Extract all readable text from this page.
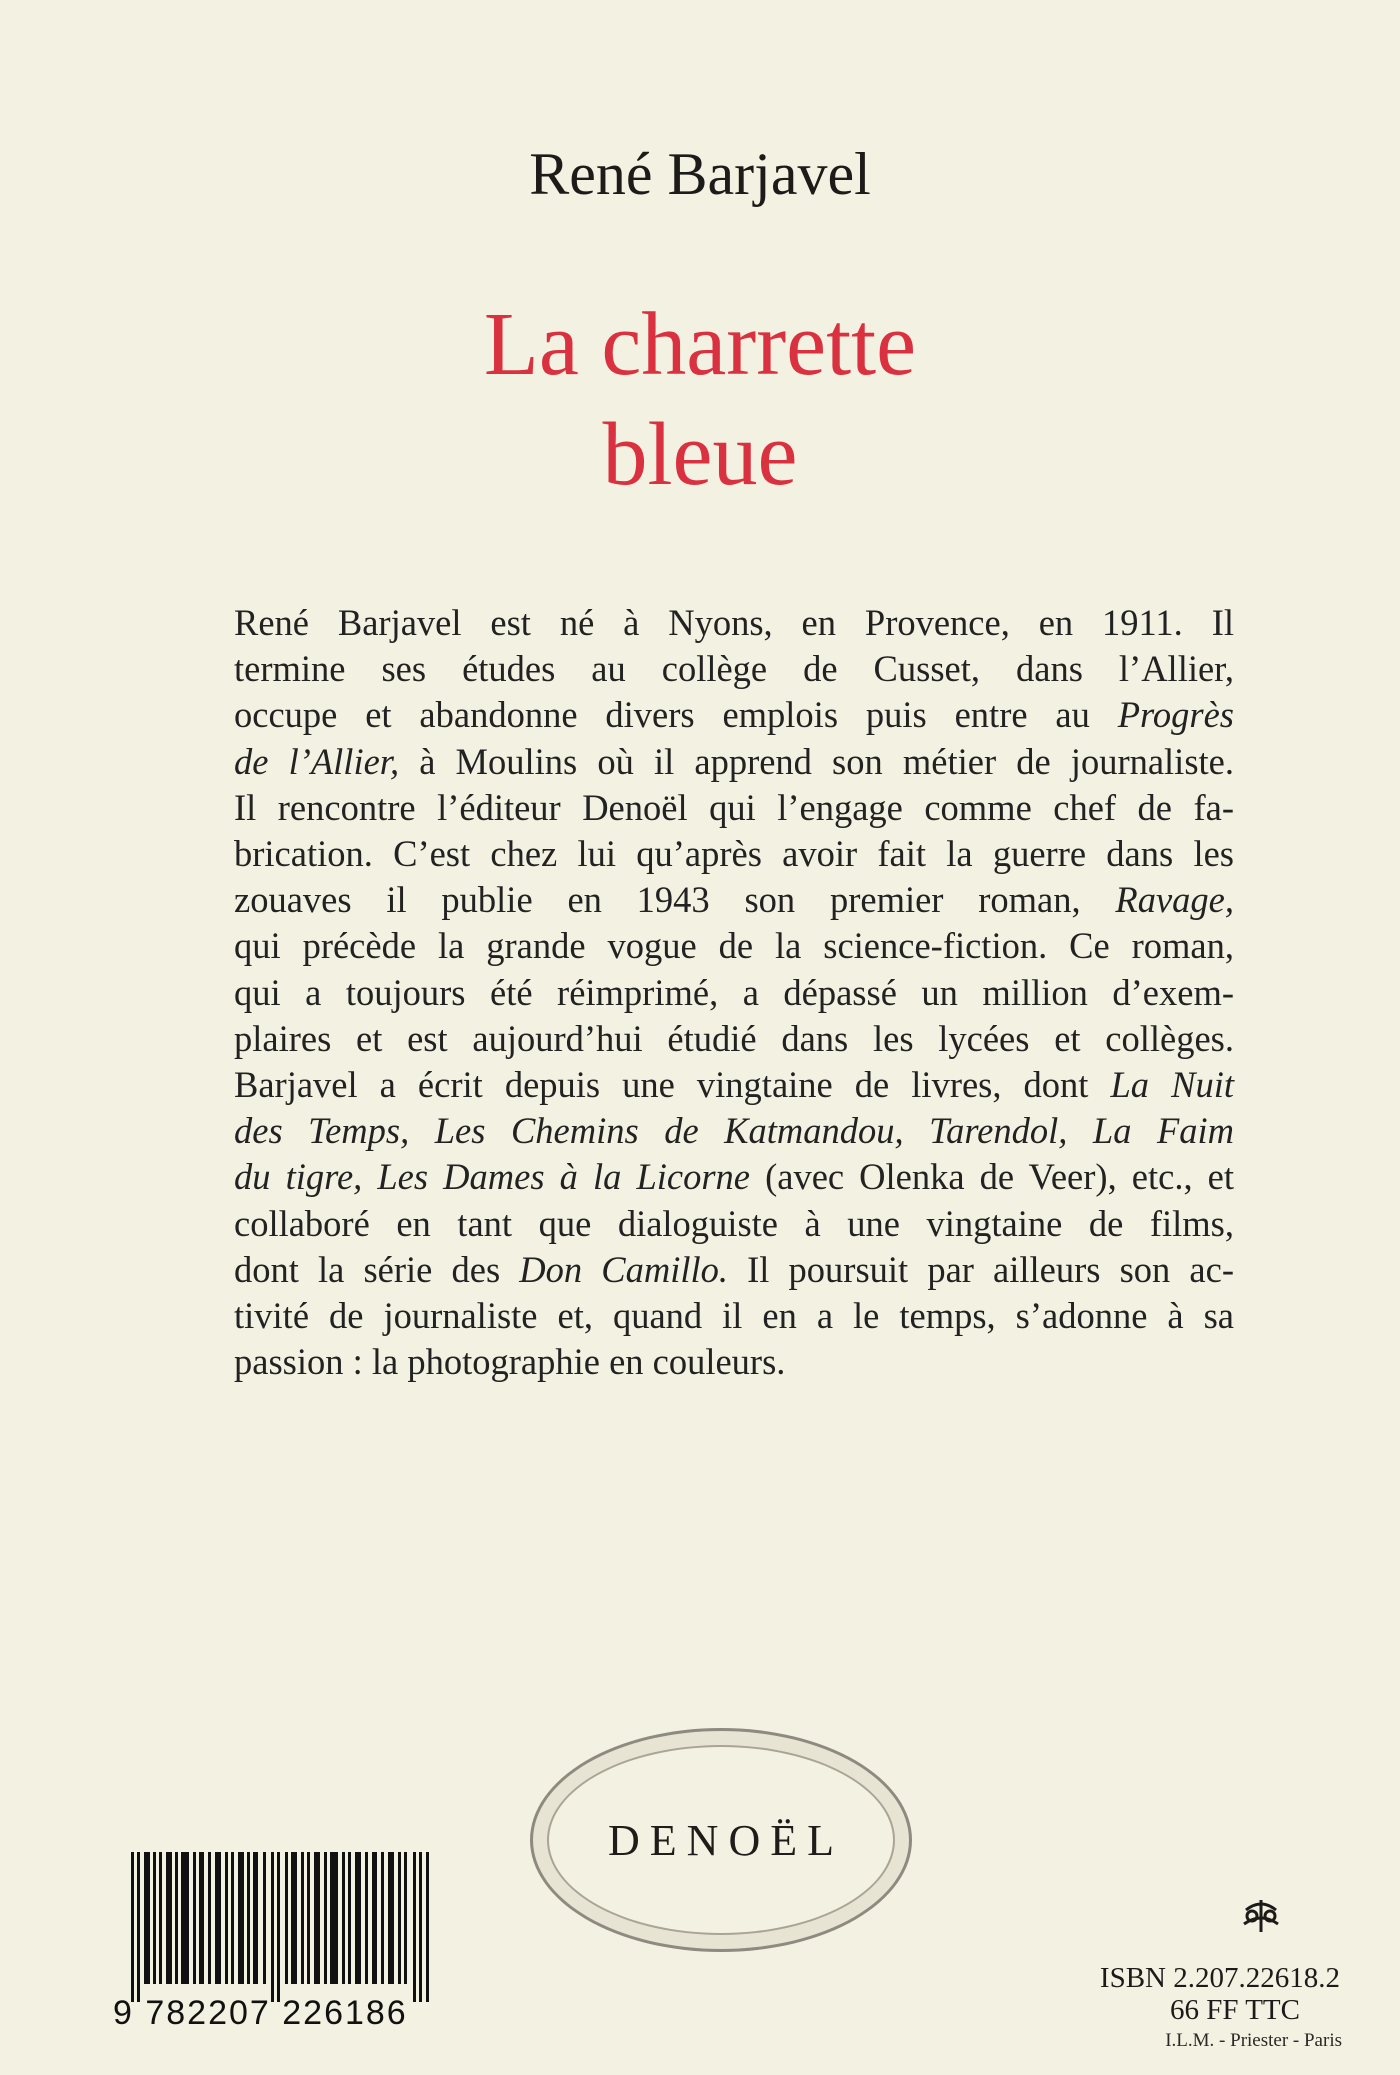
René Barjavel
La charrette
bleue
René Barjavel est né à Nyons, en Provence, en 1911. Il
termine ses études au collège de Cusset, dans l’Allier,
occupe et abandonne divers emplois puis entre au Progrès
de l’Allier, à Moulins où il apprend son métier de journaliste.
Il rencontre l’éditeur Denoël qui l’engage comme chef de fa-
brication. C’est chez lui qu’après avoir fait la guerre dans les
zouaves il publie en 1943 son premier roman, Ravage,
qui précède la grande vogue de la science-fiction. Ce roman,
qui a toujours été réimprimé, a dépassé un million d’exem-
plaires et est aujourd’hui étudié dans les lycées et collèges.
Barjavel a écrit depuis une vingtaine de livres, dont La Nuit
des Temps, Les Chemins de Katmandou, Tarendol, La Faim
du tigre, Les Dames à la Licorne (avec Olenka de Veer), etc., et
collaboré en tant que dialoguiste à une vingtaine de films,
dont la série des Don Camillo. Il poursuit par ailleurs son ac-
tivité de journaliste et, quand il en a le temps, s’adonne à sa
passion : la photographie en couleurs.
DENOËL
9 782207 226186
ISBN 2.207.22618.2
66 FF TTC
I.L.M. - Priester - Paris
